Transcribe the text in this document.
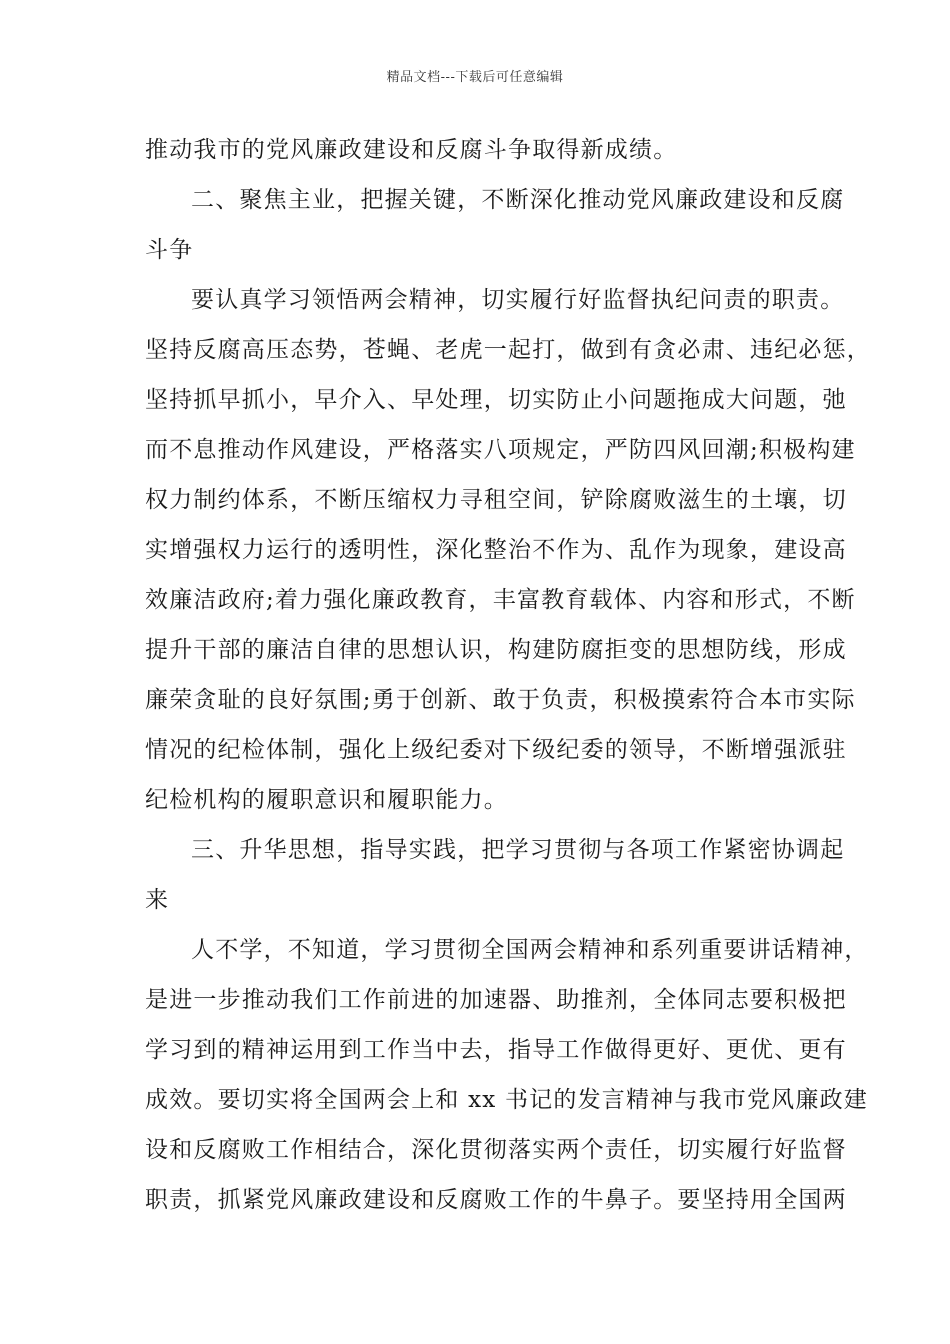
精品文档---下载后可任意编辑
推动我市的党风廉政建设和反腐斗争取得新成绩。
二、聚焦主业，把握关键，不断深化推动党风廉政建设和反腐
斗争
要认真学习领悟两会精神，切实履行好监督执纪问责的职责。
坚持反腐高压态势，苍蝇、老虎一起打，做到有贪必肃、违纪必惩，
坚持抓早抓小，早介入、早处理，切实防止小问题拖成大问题，弛
而不息推动作风建设，严格落实八项规定，严防四风回潮;积极构建
权力制约体系，不断压缩权力寻租空间，铲除腐败滋生的土壤，切
实增强权力运行的透明性，深化整治不作为、乱作为现象，建设高
效廉洁政府;着力强化廉政教育，丰富教育载体、内容和形式，不断
提升干部的廉洁自律的思想认识，构建防腐拒变的思想防线，形成
廉荣贪耻的良好氛围;勇于创新、敢于负责，积极摸索符合本市实际
情况的纪检体制，强化上级纪委对下级纪委的领导，不断增强派驻
纪检机构的履职意识和履职能力。
三、升华思想，指导实践，把学习贯彻与各项工作紧密协调起
来
人不学，不知道，学习贯彻全国两会精神和系列重要讲话精神，
是进一步推动我们工作前进的加速器、助推剂，全体同志要积极把
学习到的精神运用到工作当中去，指导工作做得更好、更优、更有
成效。要切实将全国两会上和 xx 书记的发言精神与我市党风廉政建
设和反腐败工作相结合，深化贯彻落实两个责任，切实履行好监督
职责，抓紧党风廉政建设和反腐败工作的牛鼻子。要坚持用全国两
